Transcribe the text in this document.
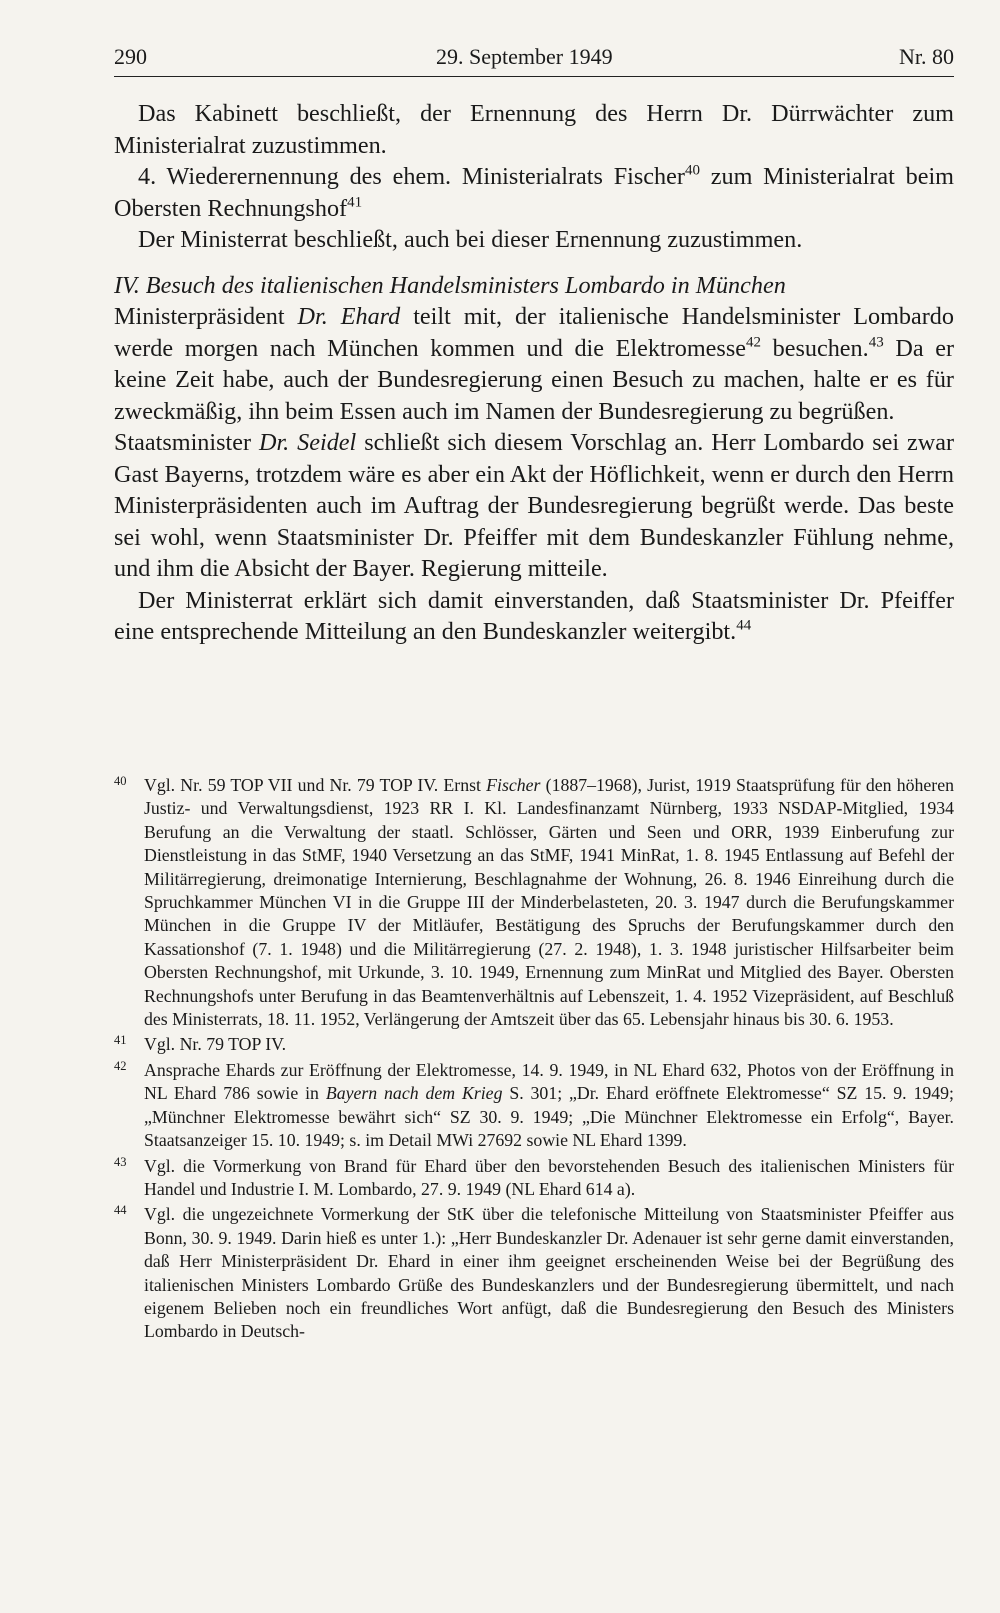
290	29. September 1949	Nr. 80

Das Kabinett beschließt, der Ernennung des Herrn Dr. Dürrwächter zum Ministerialrat zuzustimmen.

4. Wiederernennung des ehem. Ministerialrats Fischer$^{40}$ zum Ministerialrat beim Obersten Rechnungshof$^{41}$

Der Ministerrat beschließt, auch bei dieser Ernennung zuzustimmen.

IV. Besuch des italienischen Handelsministers Lombardo in München

Ministerpräsident Dr. Ehard teilt mit, der italienische Handelsminister Lombardo werde morgen nach München kommen und die Elektromesse$^{42}$ besuchen.$^{43}$ Da er keine Zeit habe, auch der Bundesregierung einen Besuch zu machen, halte er es für zweckmäßig, ihn beim Essen auch im Namen der Bundesregierung zu begrüßen.

Staatsminister Dr. Seidel schließt sich diesem Vorschlag an. Herr Lombardo sei zwar Gast Bayerns, trotzdem wäre es aber ein Akt der Höflichkeit, wenn er durch den Herrn Ministerpräsidenten auch im Auftrag der Bundesregierung begrüßt werde. Das beste sei wohl, wenn Staatsminister Dr. Pfeiffer mit dem Bundeskanzler Fühlung nehme, und ihm die Absicht der Bayer. Regierung mitteile.

Der Ministerrat erklärt sich damit einverstanden, daß Staatsminister Dr. Pfeiffer eine entsprechende Mitteilung an den Bundeskanzler weitergibt.$^{44}$

40 Vgl. Nr. 59 TOP VII und Nr. 79 TOP IV. Ernst Fischer (1887–1968), Jurist, 1919 Staatsprüfung für den höheren Justiz- und Verwaltungsdienst, 1923 RR I. Kl. Landesfinanzamt Nürnberg, 1933 NSDAP-Mitglied, 1934 Berufung an die Verwaltung der staatl. Schlösser, Gärten und Seen und ORR, 1939 Einberufung zur Dienstleistung in das StMF, 1940 Versetzung an das StMF, 1941 MinRat, 1. 8. 1945 Entlassung auf Befehl der Militärregierung, dreimonatige Internierung, Beschlagnahme der Wohnung, 26. 8. 1946 Einreihung durch die Spruchkammer München VI in die Gruppe III der Minderbelasteten, 20. 3. 1947 durch die Berufungskammer München in die Gruppe IV der Mitläufer, Bestätigung des Spruchs der Berufungskammer durch den Kassationshof (7. 1. 1948) und die Militärregierung (27. 2. 1948), 1. 3. 1948 juristischer Hilfsarbeiter beim Obersten Rechnungshof, mit Urkunde, 3. 10. 1949, Ernennung zum MinRat und Mitglied des Bayer. Obersten Rechnungshofs unter Berufung in das Beamtenverhältnis auf Lebenszeit, 1. 4. 1952 Vizepräsident, auf Beschluß des Ministerrats, 18. 11. 1952, Verlängerung der Amtszeit über das 65. Lebensjahr hinaus bis 30. 6. 1953.
41 Vgl. Nr. 79 TOP IV.
42 Ansprache Ehards zur Eröffnung der Elektromesse, 14. 9. 1949, in NL Ehard 632, Photos von der Eröffnung in NL Ehard 786 sowie in Bayern nach dem Krieg S. 301; „Dr. Ehard eröffnete Elektromesse“ SZ 15. 9. 1949; „Münchner Elektromesse bewährt sich“ SZ 30. 9. 1949; „Die Münchner Elektromesse ein Erfolg“, Bayer. Staatsanzeiger 15. 10. 1949; s. im Detail MWi 27692 sowie NL Ehard 1399.
43 Vgl. die Vormerkung von Brand für Ehard über den bevorstehenden Besuch des italienischen Ministers für Handel und Industrie I. M. Lombardo, 27. 9. 1949 (NL Ehard 614 a).
44 Vgl. die ungezeichnete Vormerkung der StK über die telefonische Mitteilung von Staatsminister Pfeiffer aus Bonn, 30. 9. 1949. Darin hieß es unter 1.): „Herr Bundeskanzler Dr. Adenauer ist sehr gerne damit einverstanden, daß Herr Ministerpräsident Dr. Ehard in einer ihm geeignet erscheinenden Weise bei der Begrüßung des italienischen Ministers Lombardo Grüße des Bundeskanzlers und der Bundesregierung übermittelt, und nach eigenem Belieben noch ein freundliches Wort anfügt, daß die Bundesregierung den Besuch des Ministers Lombardo in Deutsch-
